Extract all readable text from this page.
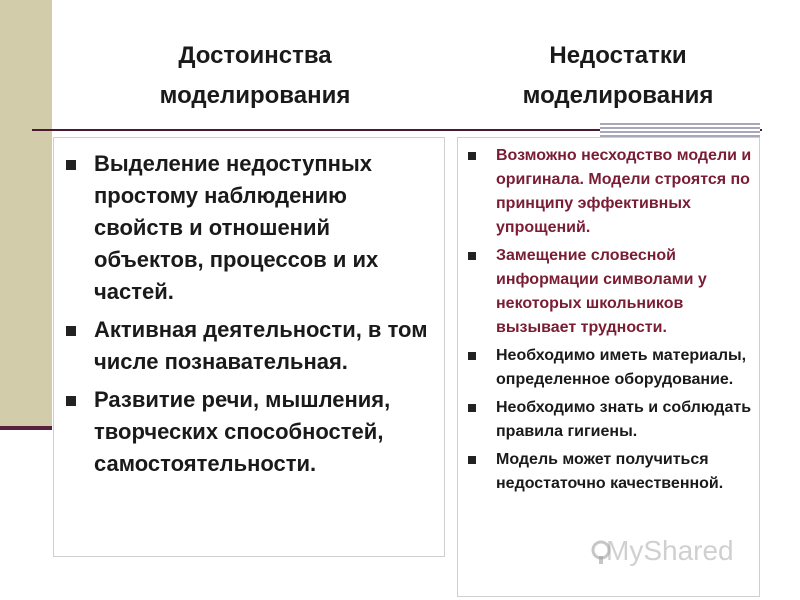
Достоинства
моделирования
Недостатки
моделирования
Выделение недоступных простому наблюдению свойств и отношений объектов, процессов и их частей.
Активная деятельности, в том числе познавательная.
Развитие речи, мышления, творческих способностей, самостоятельности.
Возможно несходство модели и оригинала. Модели строятся по принципу эффективных упрощений.
Замещение словесной информации символами у некоторых школьников вызывает трудности.
Необходимо иметь материалы, определенное оборудование.
Необходимо знать и соблюдать правила гигиены.
Модель может получиться недостаточно качественной.
MyShared
